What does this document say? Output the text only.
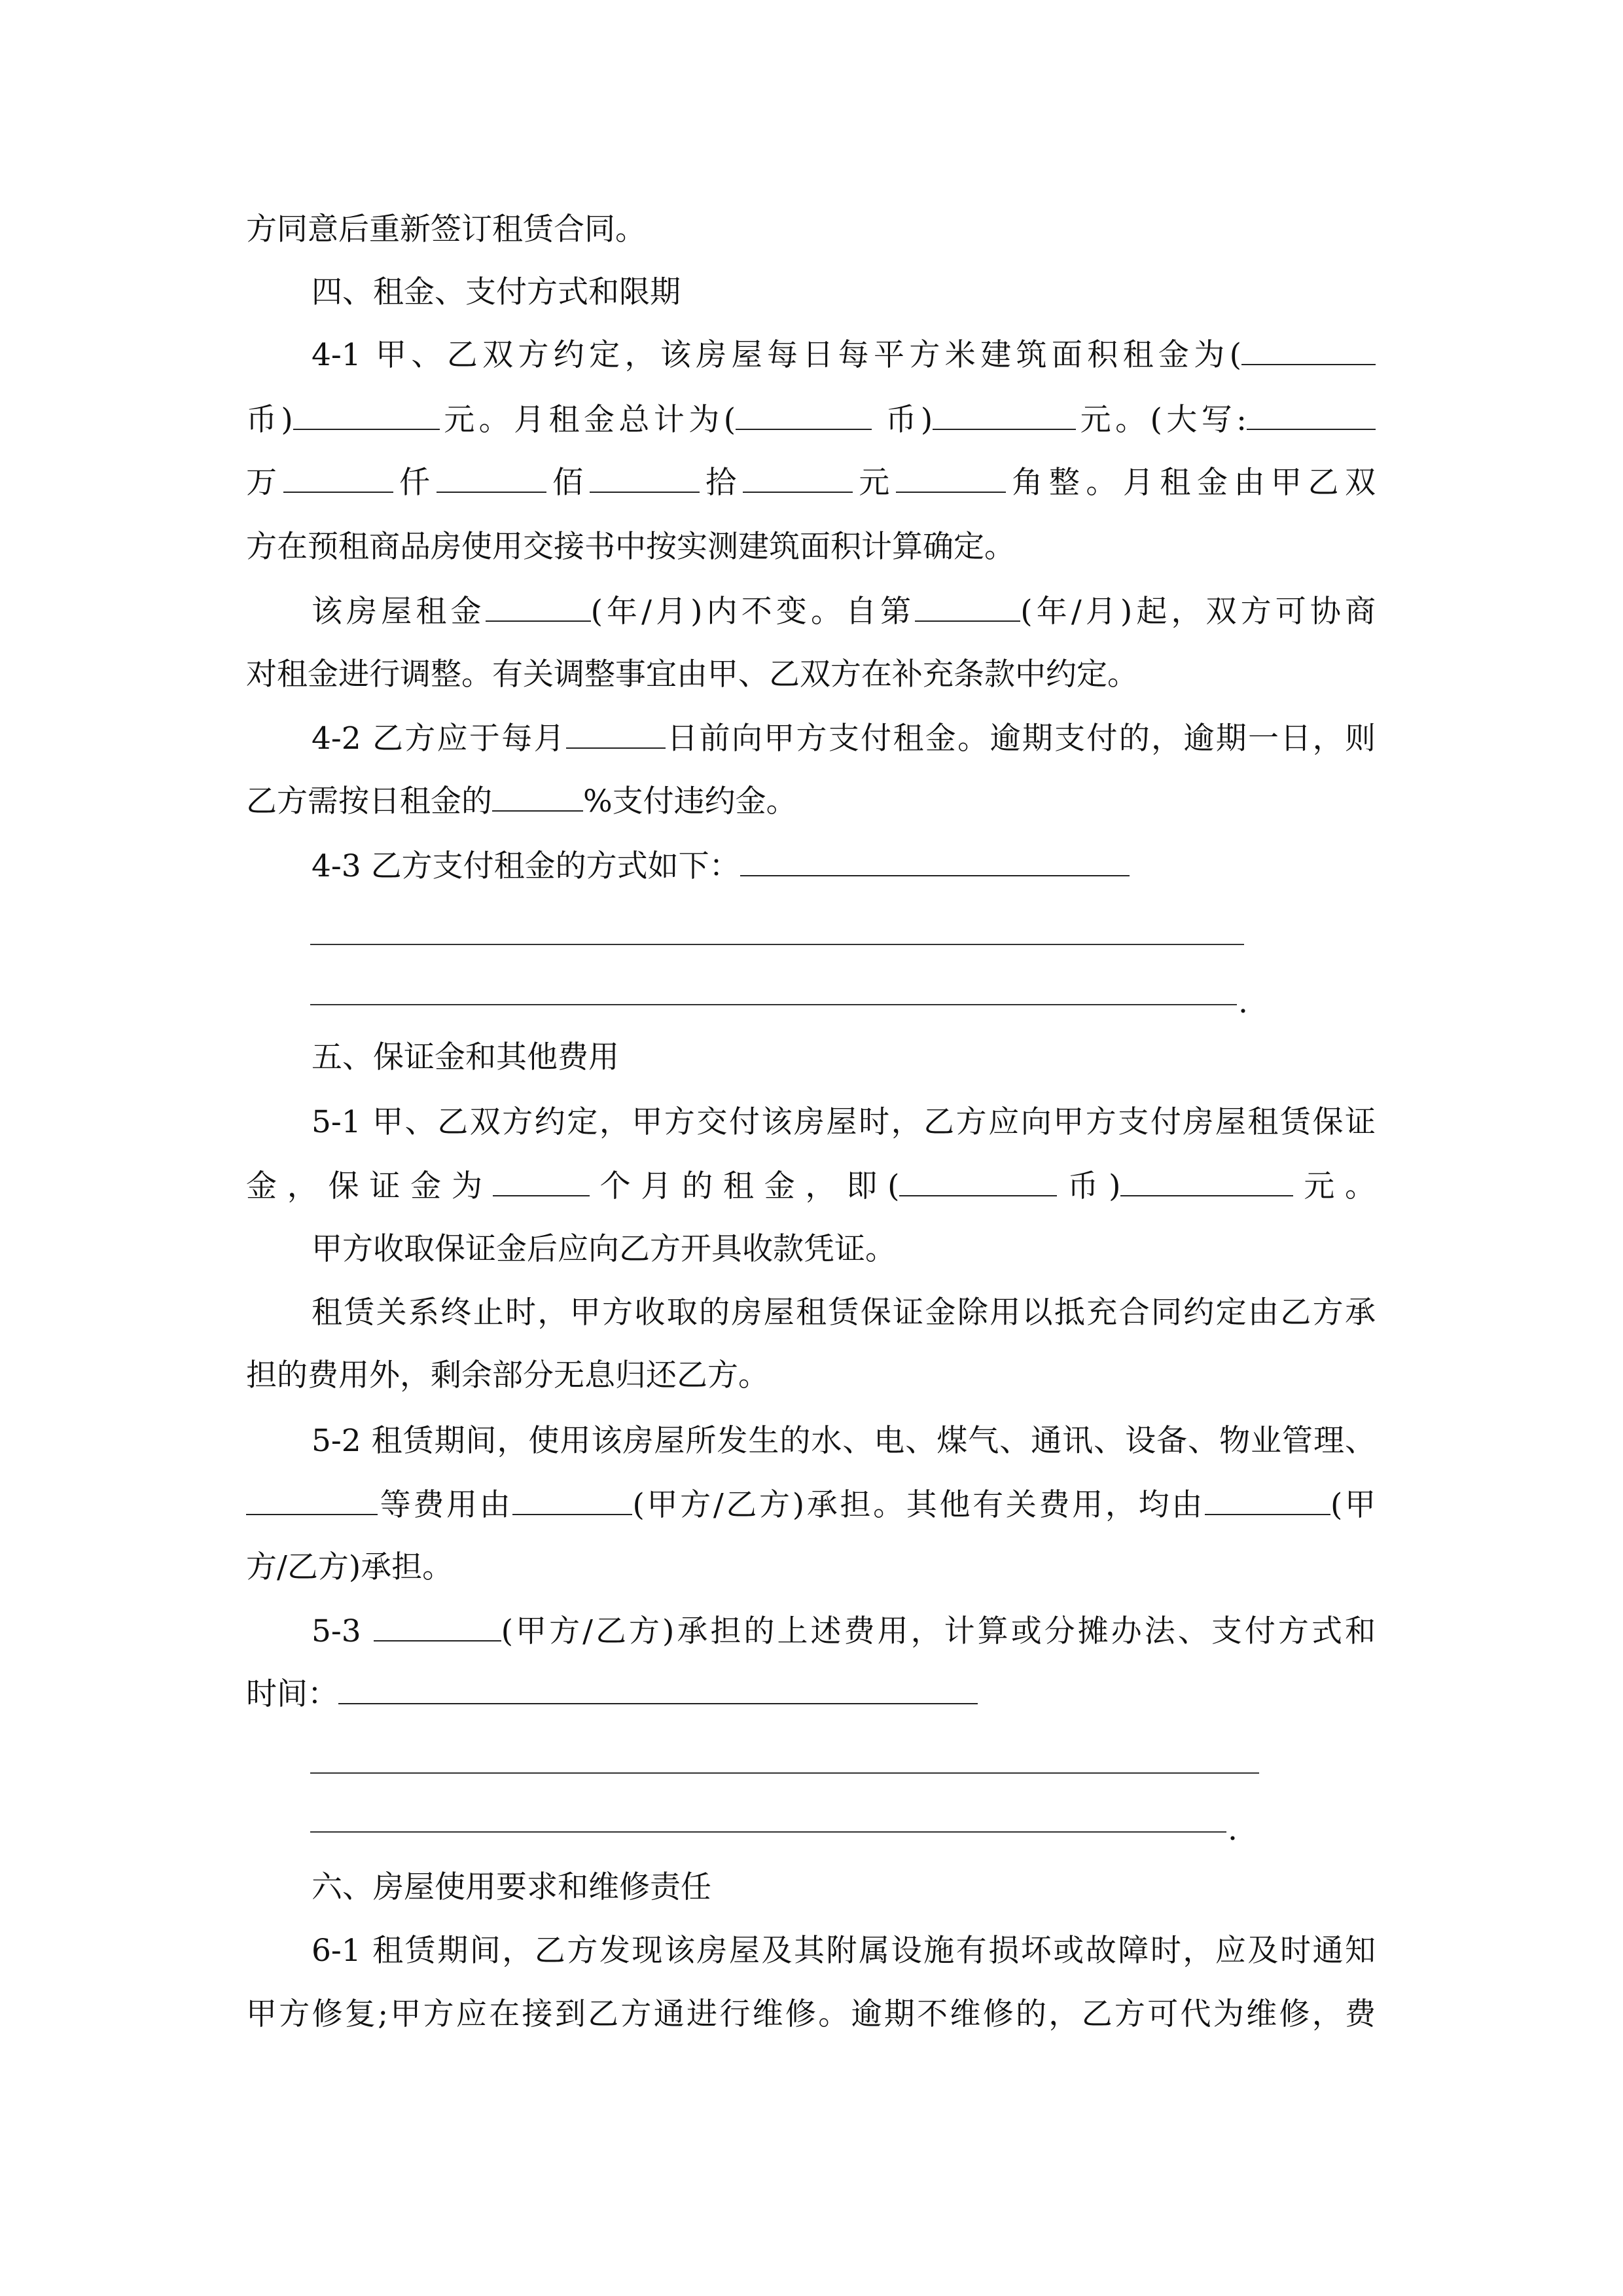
方同意后重新签订租赁合同。
四、租金、支付方式和限期
4-1 甲、乙双方约定，该房屋每日每平方米建筑面积租金为(
币)	元。月租金总计为(	币)	元。(大写:
万	仟	佰	拾	元	角整。月租金由甲乙双
方在预租商品房使用交接书中按实测建筑面积计算确定。
该房屋租金	(年/月)内不变。自第	(年/月)起，双方可协商
对租金进行调整。有关调整事宜由甲、乙双方在补充条款中约定。
4-2 乙方应于每月	日前向甲方支付租金。逾期支付的，逾期一日，则
乙方需按日租金的	%支付违约金。
4-3 乙方支付租金的方式如下：
.
五、保证金和其他费用
5-1 甲、乙双方约定，甲方交付该房屋时，乙方应向甲方支付房屋租赁保证
金，保证金为	个月的租金，即(	币)	元。
甲方收取保证金后应向乙方开具收款凭证。
租赁关系终止时，甲方收取的房屋租赁保证金除用以抵充合同约定由乙方承
担的费用外，剩余部分无息归还乙方。
5-2 租赁期间，使用该房屋所发生的水、电、煤气、通讯、设备、物业管理、
等费用由	(甲方/乙方)承担。其他有关费用，均由	(甲
方/乙方)承担。
5-3	(甲方/乙方)承担的上述费用，计算或分摊办法、支付方式和
时间：
.
六、房屋使用要求和维修责任
6-1 租赁期间，乙方发现该房屋及其附属设施有损坏或故障时，应及时通知
甲方修复;甲方应在接到乙方通进行维修。逾期不维修的，乙方可代为维修，费
